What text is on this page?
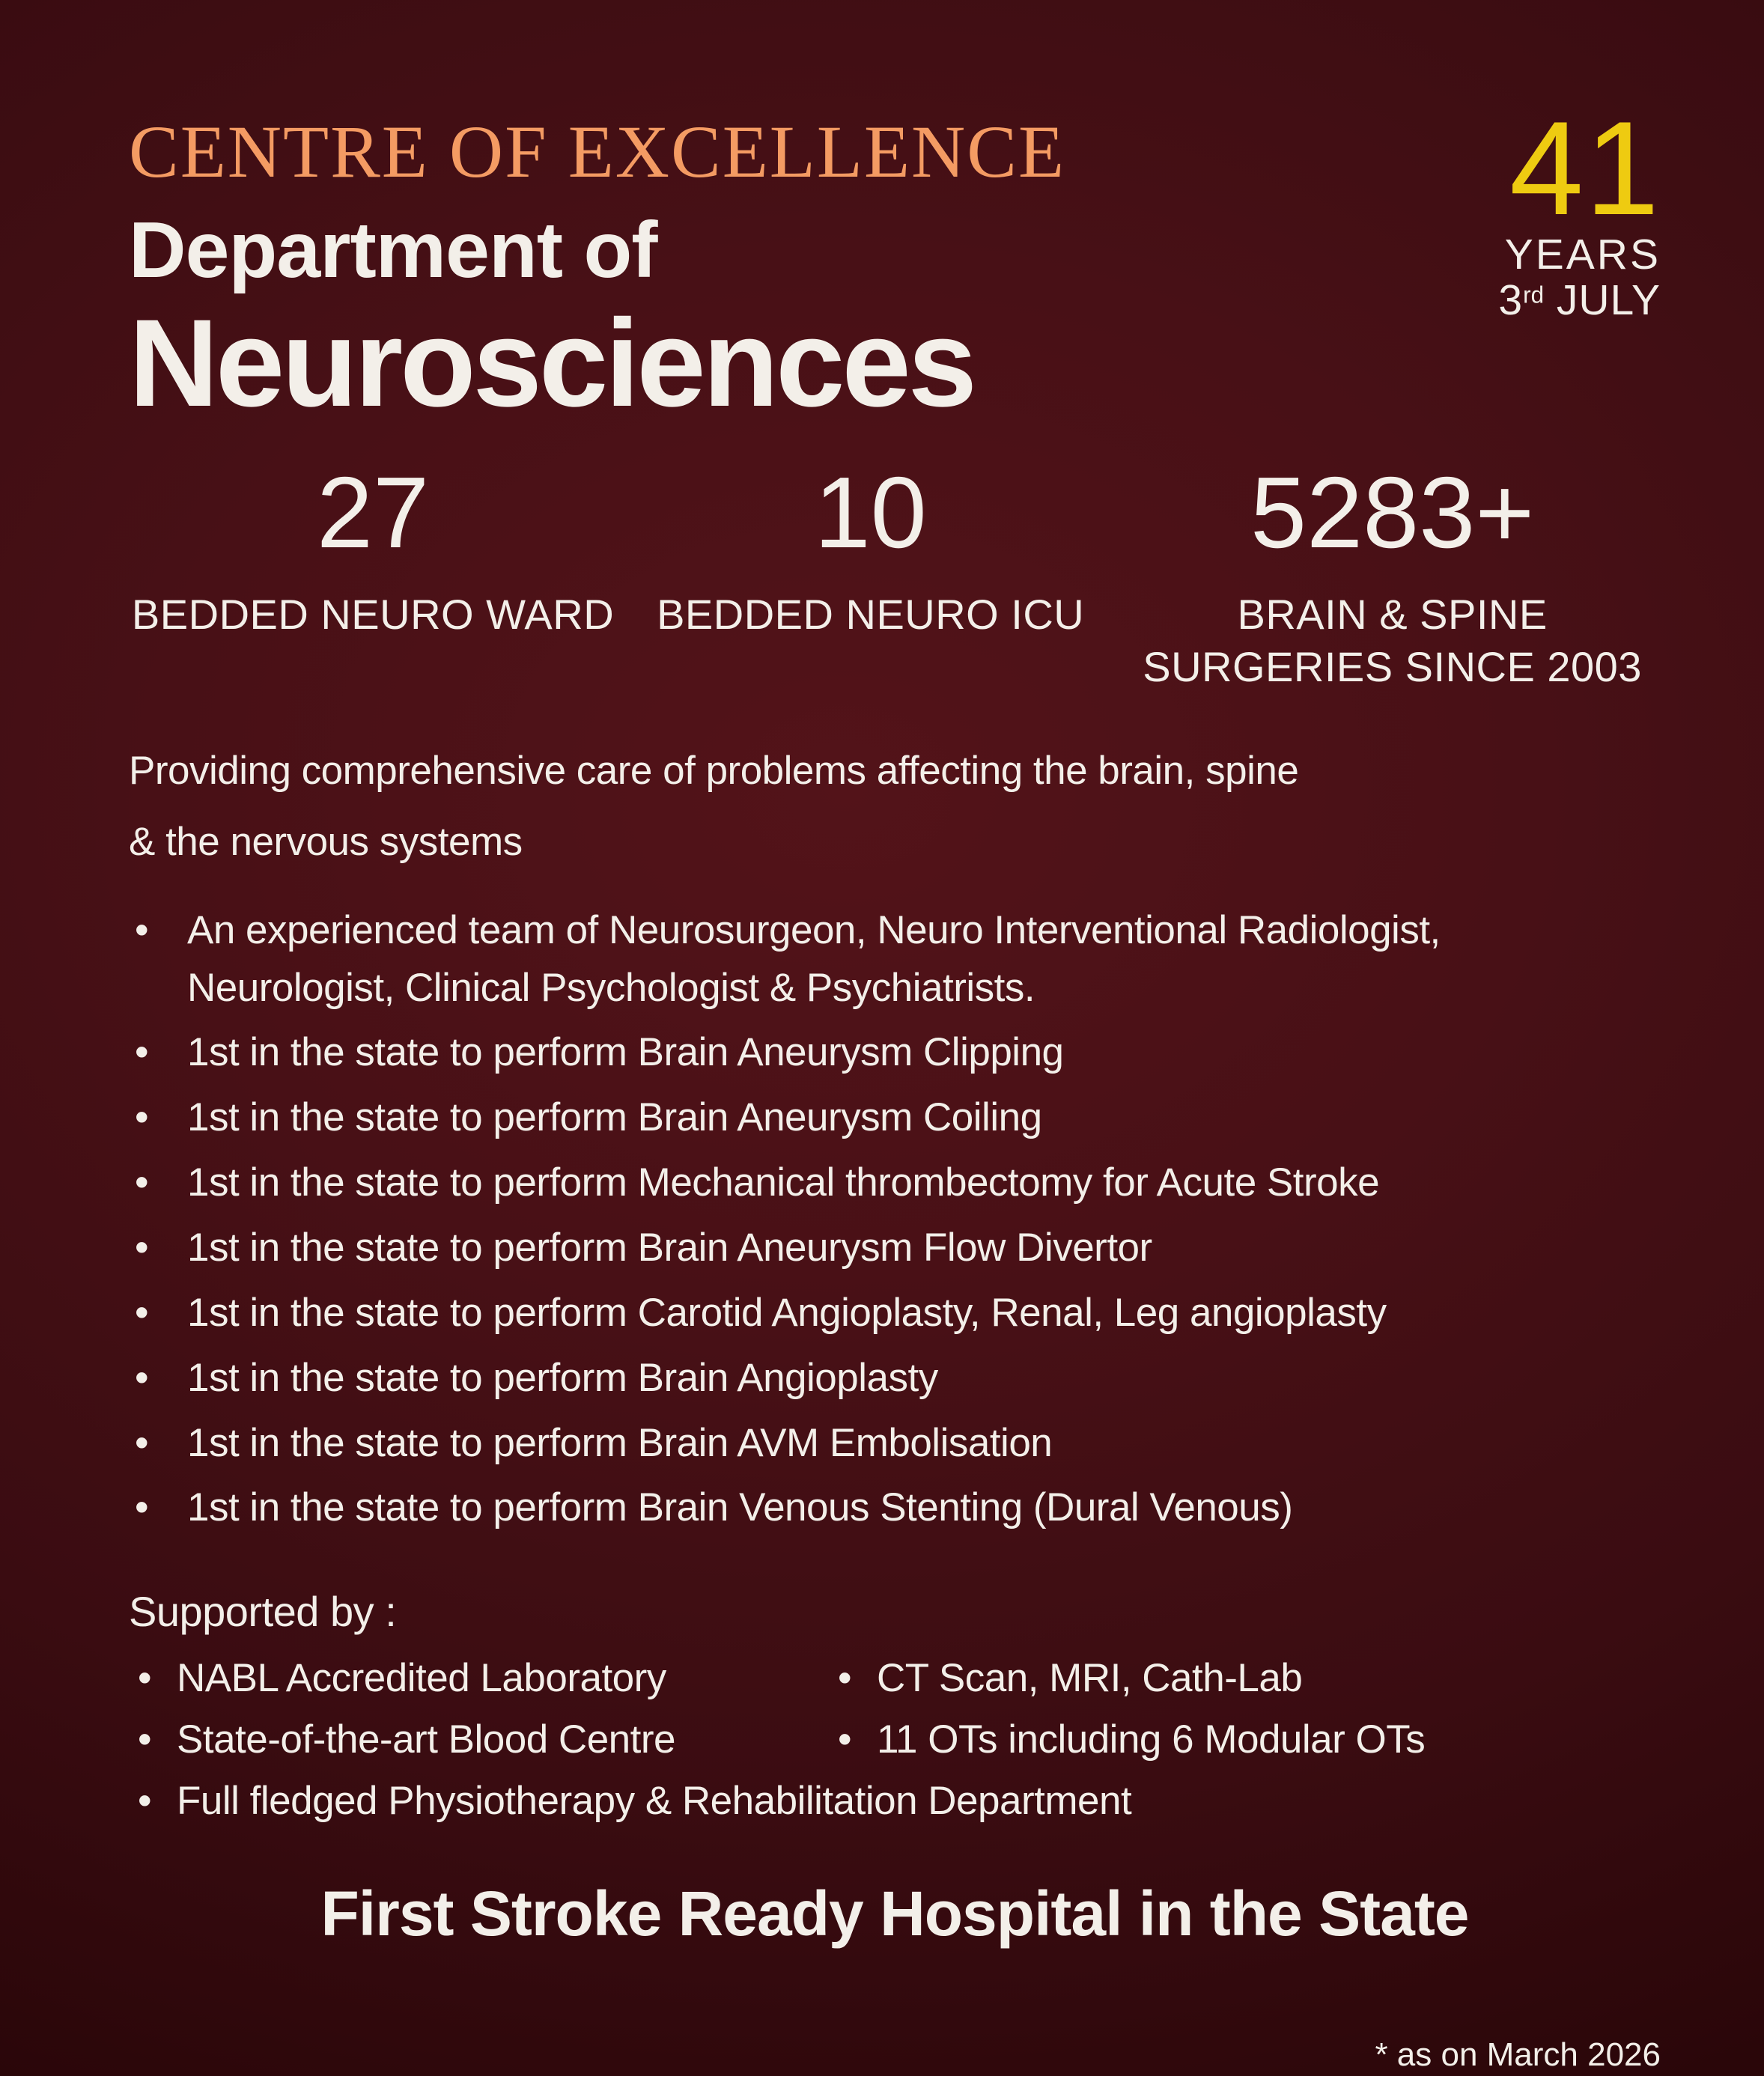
CENTRE OF EXCELLENCE
Department of
Neurosciences
41
YEARS
3rd JULY
27
BEDDED NEURO WARD
10
BEDDED NEURO ICU
5283+
BRAIN & SPINE SURGERIES SINCE 2003
Providing comprehensive care of problems affecting the brain, spine
& the nervous systems
• An experienced team of Neurosurgeon, Neuro Interventional Radiologist, Neurologist, Clinical Psychologist & Psychiatrists.
• 1st in the state to perform Brain Aneurysm Clipping
• 1st in the state to perform Brain Aneurysm Coiling
• 1st in the state to perform Mechanical thrombectomy for Acute Stroke
• 1st in the state to perform Brain Aneurysm Flow Divertor
• 1st in the state to perform Carotid Angioplasty, Renal, Leg angioplasty
• 1st in the state to perform Brain Angioplasty
• 1st in the state to perform Brain AVM Embolisation
• 1st in the state to perform Brain Venous Stenting (Dural Venous)
Supported by :
• NABL Accredited Laboratory	• CT Scan, MRI, Cath-Lab
• State-of-the-art Blood Centre	• 11 OTs including 6 Modular OTs
• Full fledged Physiotherapy & Rehabilitation Department
First Stroke Ready Hospital in the State
* as on March 2026
